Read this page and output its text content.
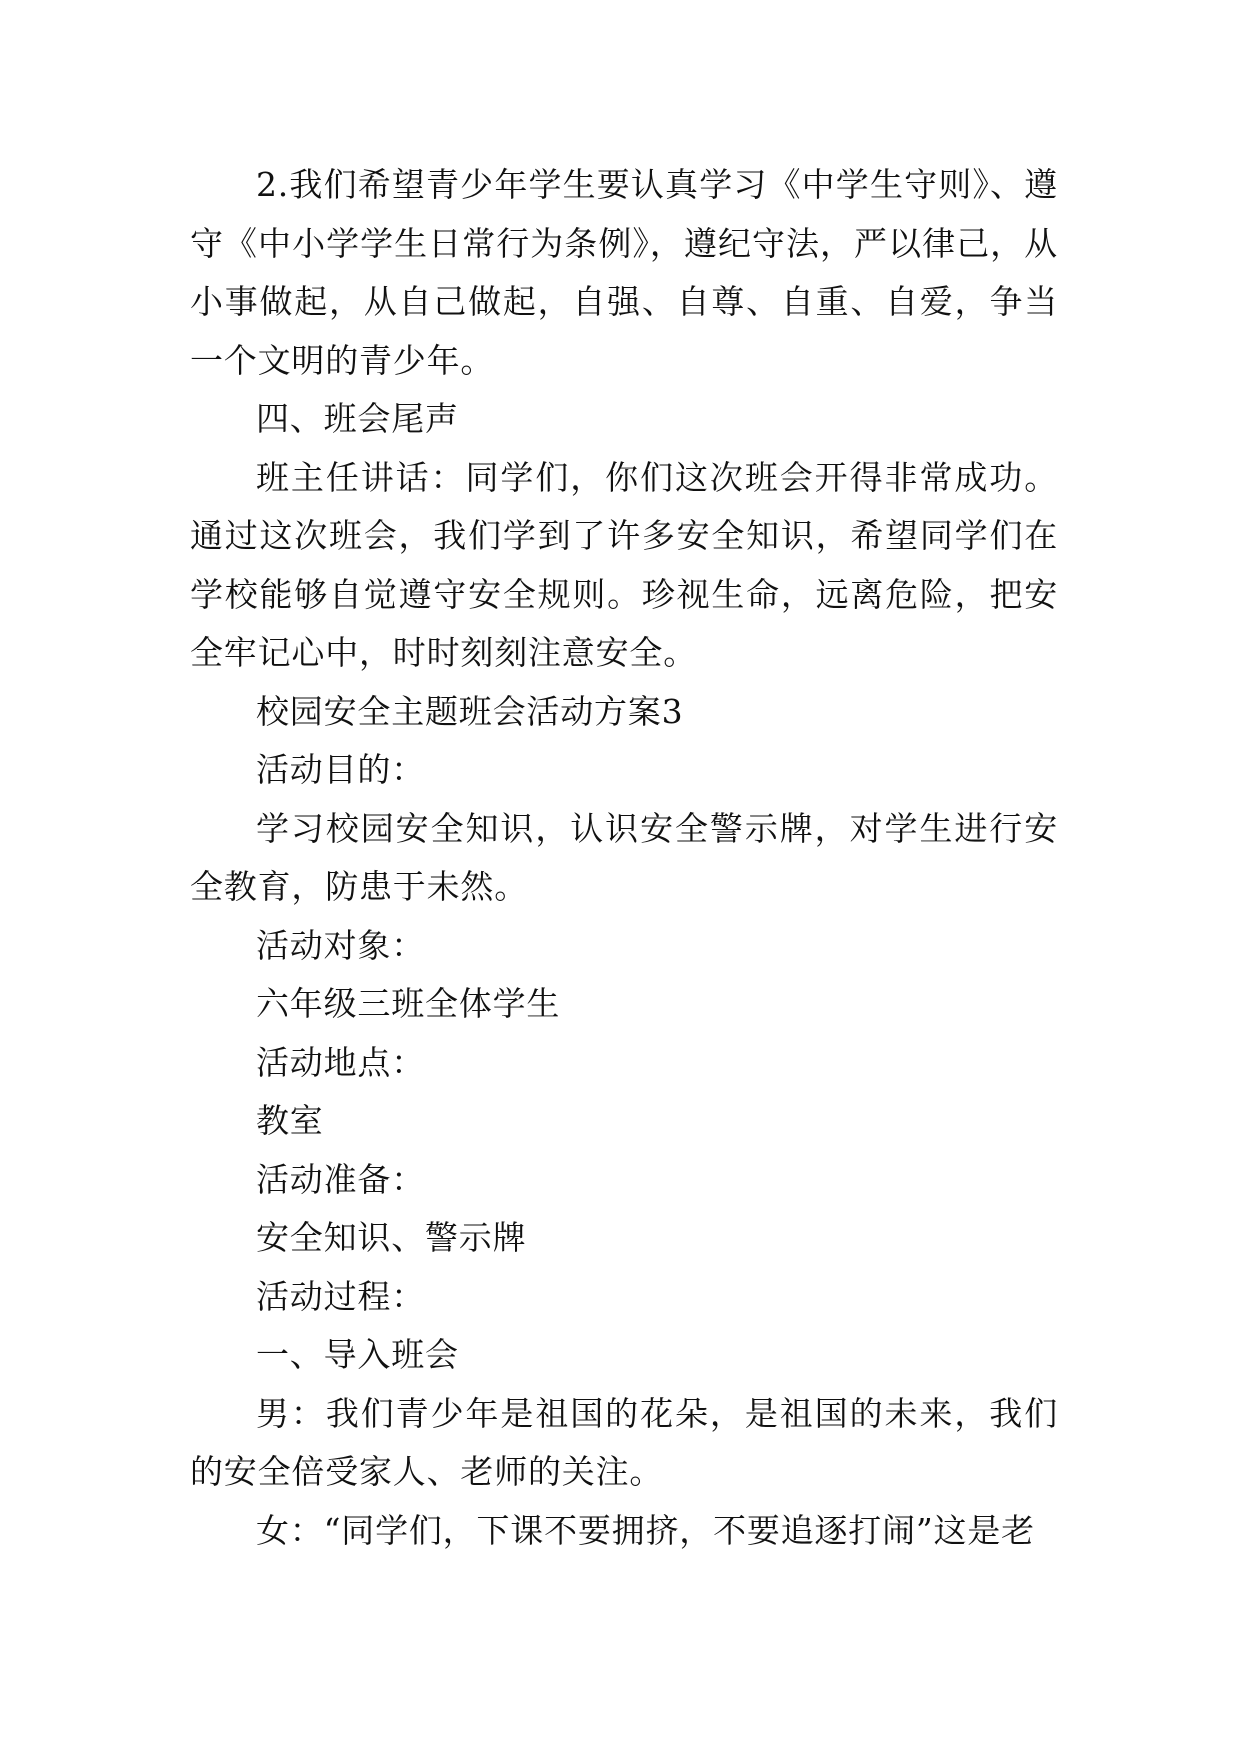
2.我们希望青少年学生要认真学习《中学生守则》、遵守《中小学学生日常行为条例》，遵纪守法，严以律己，从小事做起，从自己做起，自强、自尊、自重、自爱，争当一个文明的青少年。

四、班会尾声

班主任讲话：同学们，你们这次班会开得非常成功。通过这次班会，我们学到了许多安全知识，希望同学们在学校能够自觉遵守安全规则。珍视生命，远离危险，把安全牢记心中，时时刻刻注意安全。

校园安全主题班会活动方案3

活动目的：

学习校园安全知识，认识安全警示牌，对学生进行安全教育，防患于未然。

活动对象：

六年级三班全体学生

活动地点：

教室

活动准备：

安全知识、警示牌

活动过程：

一、导入班会

男：我们青少年是祖国的花朵，是祖国的未来，我们的安全倍受家人、老师的关注。

女：“同学们，下课不要拥挤，不要追逐打闹”这是老
